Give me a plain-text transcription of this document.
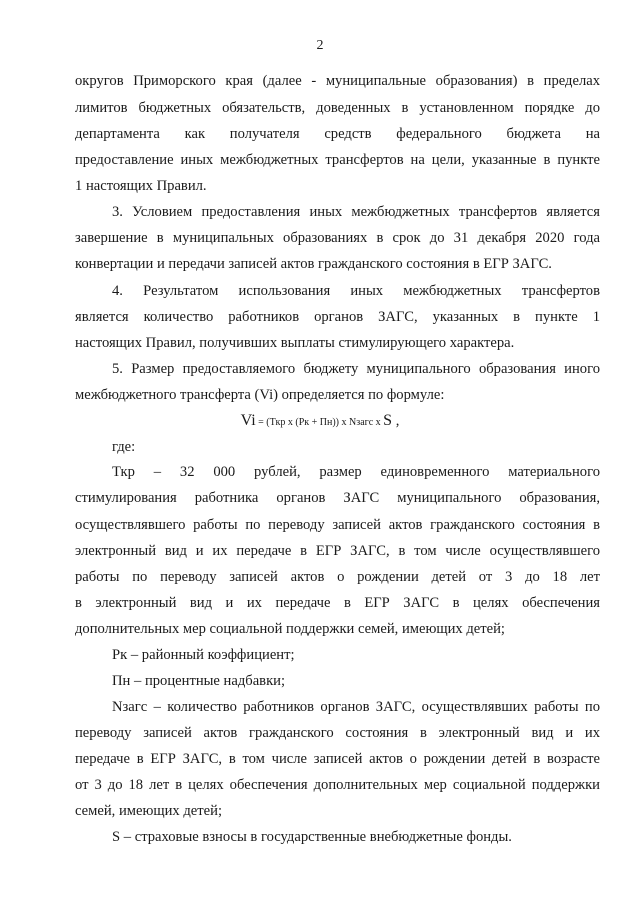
2
округов Приморского края (далее - муниципальные образования) в пределах
лимитов бюджетных обязательств, доведенных в установленном порядке до
департамента как получателя средств федерального бюджета на
предоставление иных межбюджетных трансфертов на цели, указанные в пункте
1 настоящих Правил.
3. Условием предоставления иных межбюджетных трансфертов является
завершение в муниципальных образованиях в срок до 31 декабря 2020 года
конвертации и передачи записей актов гражданского состояния в ЕГР ЗАГС.
4. Результатом использования иных межбюджетных трансфертов
является количество работников органов ЗАГС, указанных в пункте 1
настоящих Правил, получивших выплаты стимулирующего характера.
5. Размер предоставляемого бюджету муниципального образования иного
межбюджетного трансферта (Vi) определяется по формуле:
Vi = (Ткр x (Рк + Пн)) x Nзагс x S ,
где:
Ткр – 32 000 рублей, размер единовременного материального
стимулирования работника органов ЗАГС муниципального образования,
осуществлявшего работы по переводу записей актов гражданского состояния в
электронный вид и их передаче в ЕГР ЗАГС, в том числе осуществлявшего
работы по переводу записей актов о рождении детей от 3 до 18 лет
в электронный вид и их передаче в ЕГР ЗАГС в целях обеспечения
дополнительных мер социальной поддержки семей, имеющих детей;
Рк – районный коэффициент;
Пн – процентные надбавки;
Nзагс – количество работников органов ЗАГС, осуществлявших работы по
переводу записей актов гражданского состояния в электронный вид и их
передаче в ЕГР ЗАГС, в том числе записей актов о рождении детей в возрасте
от 3 до 18 лет в целях обеспечения дополнительных мер социальной поддержки
семей, имеющих детей;
S – страховые взносы в государственные внебюджетные фонды.
